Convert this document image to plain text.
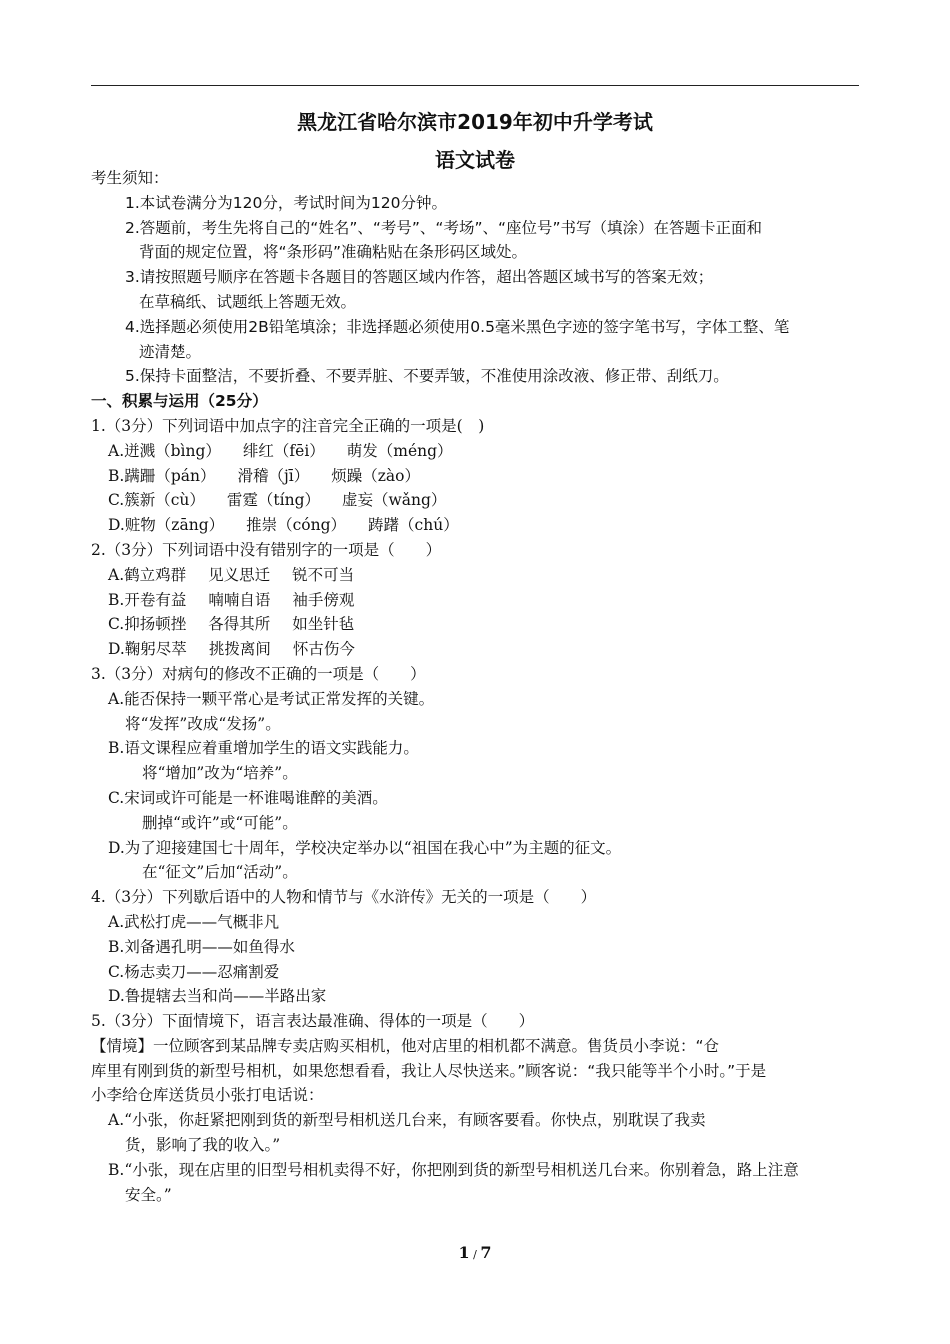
黑龙江省哈尔滨市2019年初中升学考试
语文试卷
考生须知：
1.本试卷满分为120分，考试时间为120分钟。
2.答题前，考生先将自己的“姓名”、“考号”、“考场”、“座位号”书写（填涂）在答题卡正面和
背面的规定位置，将“条形码”准确粘贴在条形码区域处。
3.请按照题号顺序在答题卡各题目的答题区域内作答，超出答题区域书写的答案无效；
在草稿纸、试题纸上答题无效。
4.选择题必须使用2B铅笔填涂；非选择题必须使用0.5毫米黑色字迹的签字笔书写，字体工整、笔
迹清楚。
5.保持卡面整洁，不要折叠、不要弄脏、不要弄皱，不准使用涂改液、修正带、刮纸刀。
一、积累与运用（25分）
1.（3分）下列词语中加点字的注音完全正确的一项是(　)
A.迸溅（bìng） 绯红（fēi） 萌发（méng）
B.蹒跚（pán） 滑稽（jī） 烦躁（zào）
C.簇新（cù） 雷霆（tíng） 虚妄（wǎng）
D.赃物（zāng） 推崇（cóng） 踌躇（chú）
2.（3分）下列词语中没有错别字的一项是（　　）
A.鹤立鸡群 见义思迁 锐不可当
B.开卷有益 喃喃自语 袖手傍观
C.抑扬顿挫 各得其所 如坐针毡
D.鞠躬尽萃 挑拨离间 怀古伤今
3.（3分）对病句的修改不正确的一项是（　　）
A.能否保持一颗平常心是考试正常发挥的关键。
将“发挥”改成“发扬”。
B.语文课程应着重增加学生的语文实践能力。
将“增加”改为“培养”。
C.宋词或许可能是一杯谁喝谁醉的美酒。
删掉“或许”或“可能”。
D.为了迎接建国七十周年，学校决定举办以“祖国在我心中”为主题的征文。
在“征文”后加“活动”。
4.（3分）下列歇后语中的人物和情节与《水浒传》无关的一项是（　　）
A.武松打虎——气概非凡
B.刘备遇孔明——如鱼得水
C.杨志卖刀——忍痛割爱
D.鲁提辖去当和尚——半路出家
5.（3分）下面情境下，语言表达最准确、得体的一项是（　　）
【情境】一位顾客到某品牌专卖店购买相机，他对店里的相机都不满意。售货员小李说：“仓
库里有刚到货的新型号相机，如果您想看看，我让人尽快送来。”顾客说：“我只能等半个小时。”于是
小李给仓库送货员小张打电话说：
A.“小张，你赶紧把刚到货的新型号相机送几台来，有顾客要看。你快点，别耽误了我卖
货，影响了我的收入。”
B.“小张，现在店里的旧型号相机卖得不好，你把刚到货的新型号相机送几台来。你别着急，路上注意
安全。”
1 / 7
